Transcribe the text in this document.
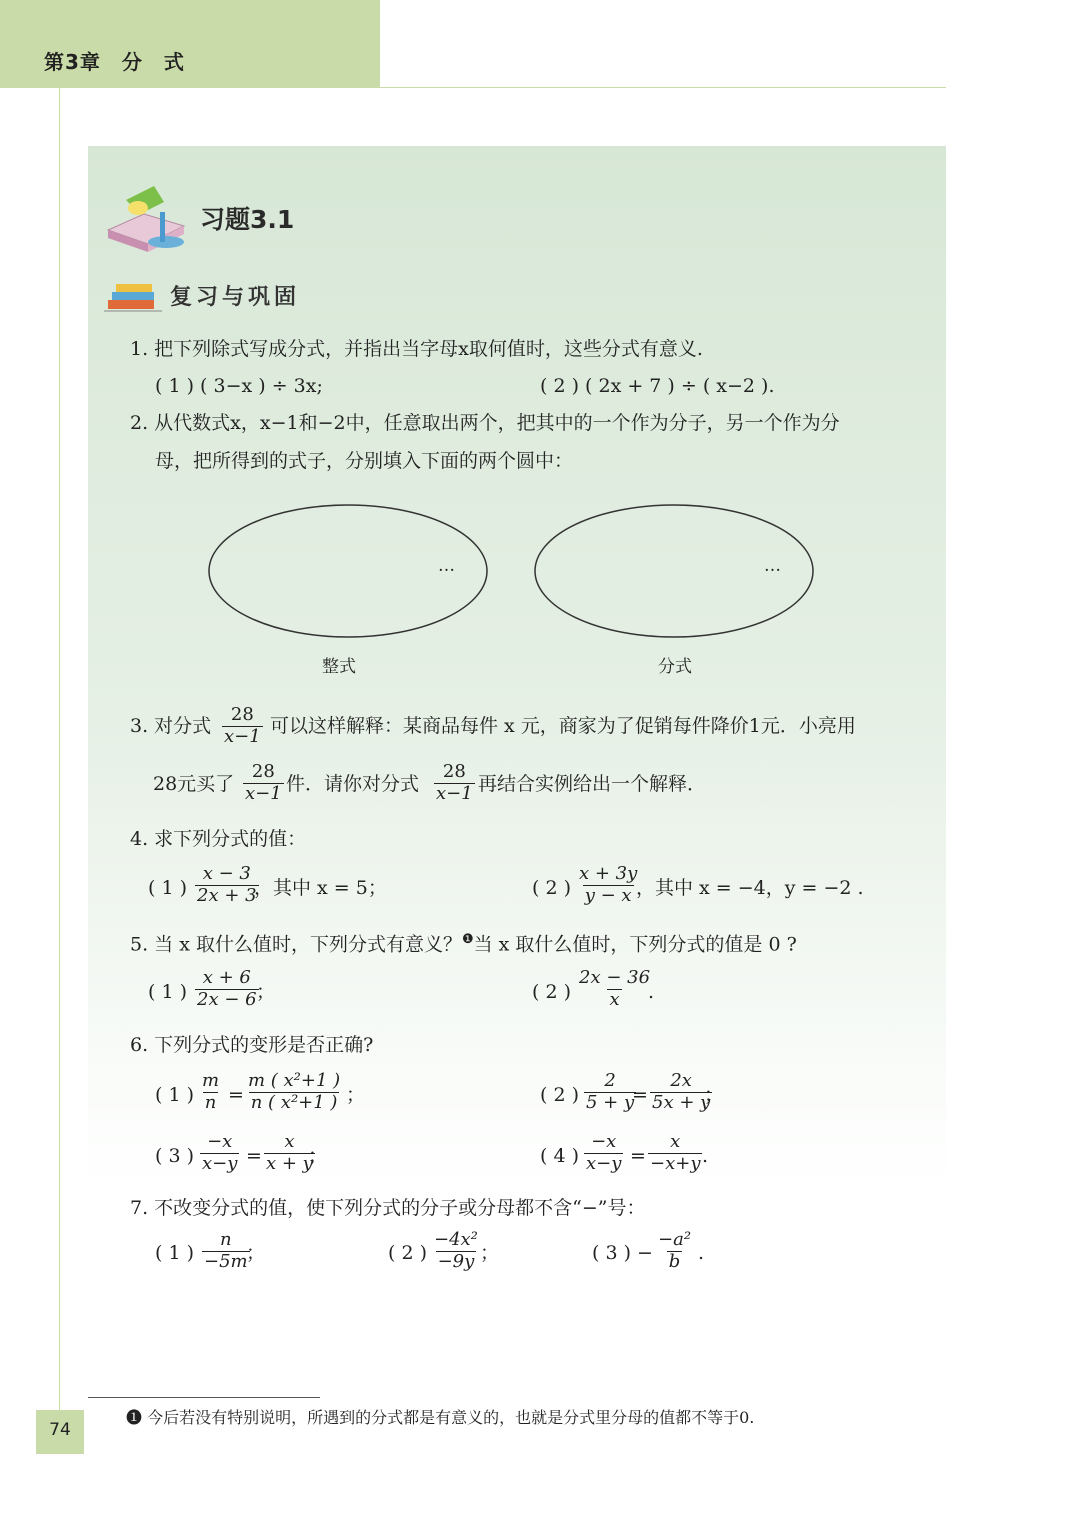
第3章　分　式
习题3.1
复习与巩固
1. 把下列除式写成分式，并指出当字母x取何值时，这些分式有意义.
( 1 ) ( 3−x ) ÷ 3x;	( 2 ) ( 2x + 7 ) ÷ ( x−2 ).
2. 从代数式x，x−1和−2中，任意取出两个，把其中的一个作为分子，另一个作为分
母，把所得到的式子，分别填入下面的两个圆中：
…	…
整式	分式
3. 对分式 $\frac{28}{x-1}$ 可以这样解释：某商品每件 x 元，商家为了促销每件降价1元．小亮用
28元买了 $\frac{28}{x-1}$ 件．请你对分式 $\frac{28}{x-1}$ 再结合实例给出一个解释．
4. 求下列分式的值：
( 1 ) $\frac{x - 3}{2x + 3}$
，其中 x = 5；	( 2 ) $\frac{x + 3y}{y - x}$
，其中 x = −4，y = −2 .
5. 当 x 取什么值时，下列分式有意义？$^❶$当 x 取什么值时，下列分式的值是 0 ?
( 1 ) $\frac{x + 6}{2x - 6}$
；	( 2 ) $\frac{2x - 36}{x}$
.
6. 下列分式的变形是否正确?
( 1 ) $\frac{m}{n} = \frac{\text{m ( x²+1 )}}{\text{n ( x²+1 )}}$ ；	( 2 ) $\frac{2}{5 + y}$
= $\frac{2x}{5x + y}$
；
( 3 ) $\frac{-x}{x-y} = \frac{x}{x + y}$
；	( 4 ) $\frac{-x}{x-y} = \frac{x}{-x+y}$ .
7. 不改变分式的值，使下列分式的分子或分母都不含“−”号：
( 1 ) $\frac{n}{-5m}$
；	( 2 ) $\frac{\text{−4x²}}{-9y}$ ；	( 3 ) − $\frac{\text{−a²}}{b}$ .
❶ 今后若没有特别说明，所遇到的分式都是有意义的，也就是分式里分母的值都不等于0.
74
